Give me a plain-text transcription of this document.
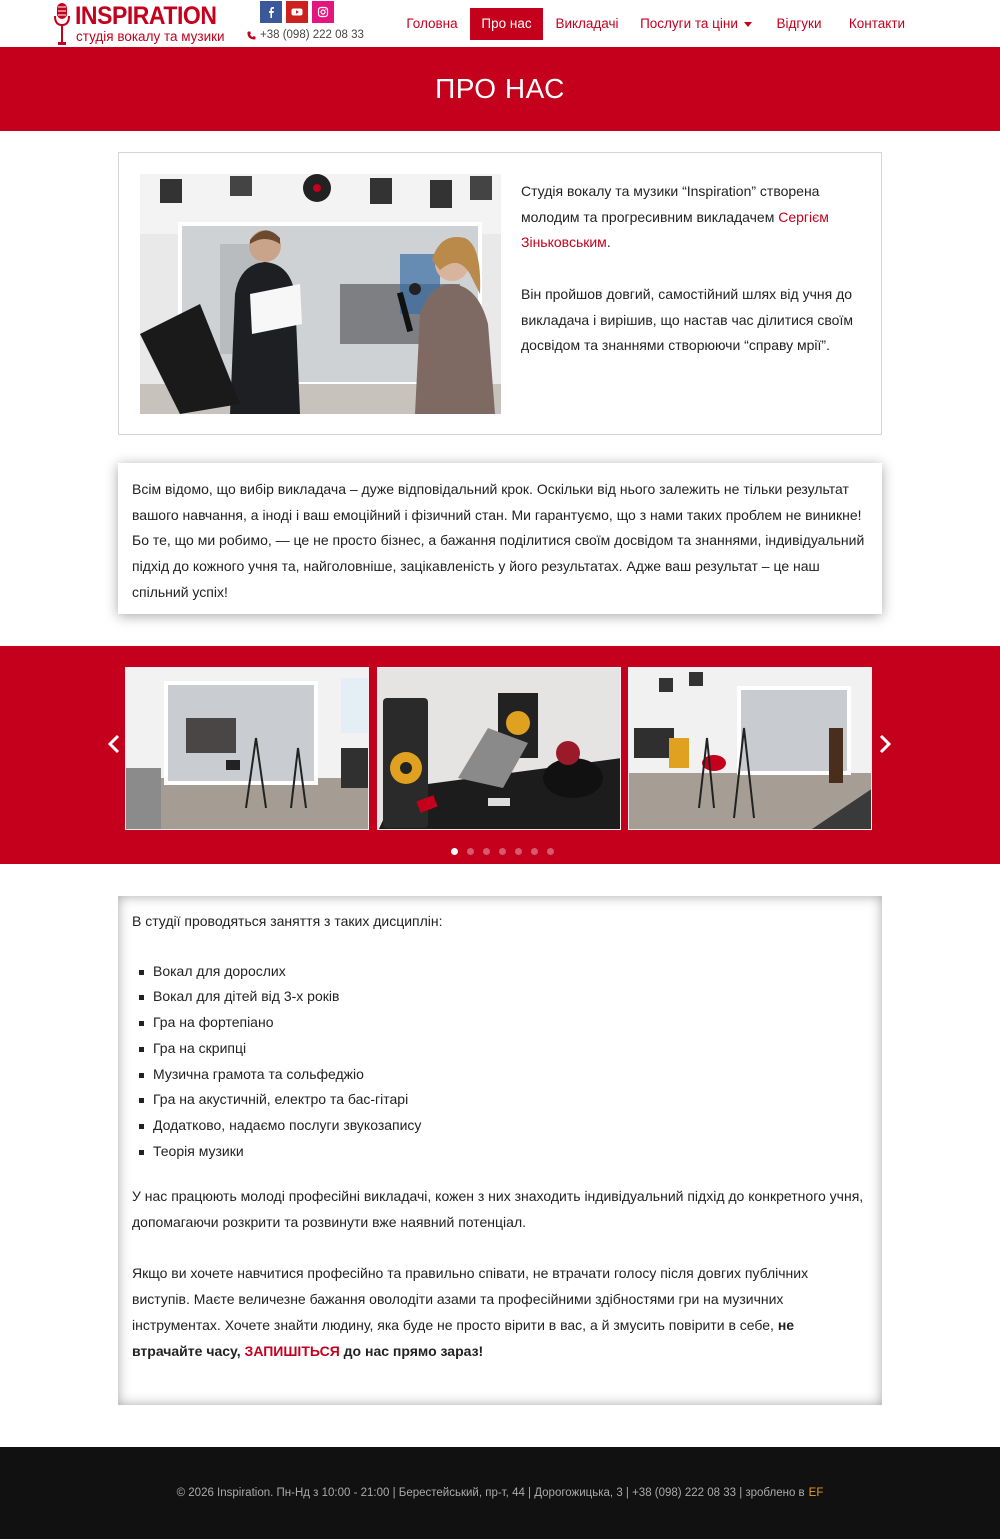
INSPIRATION
студія вокалу та музики	+38 (098) 222 08 33
Головна	Про нас	Викладачі	Послуги та ціни	Відгуки	Контакти
ПРО НАС

Студія вокалу та музики “Inspiration” створена молодим та прогресивним викладачем Сергієм Зіньковським.

Він пройшов довгий, самостійний шлях від учня до викладача і вирішив, що настав час ділитися своїм досвідом та знаннями створюючи “справу мрії”.

Всім відомо, що вибір викладача – дуже відповідальний крок. Оскільки від нього залежить не тільки результат вашого навчання, а іноді і ваш емоційний і фізичний стан. Ми гарантуємо, що з нами таких проблем не виникне! Бо те, що ми робимо, — це не просто бізнес, а бажання поділитися своїм досвідом та знаннями, індивідуальний підхід до кожного учня та, найголовніше, зацікавленість у його результатах. Адже ваш результат – це наш спільний успіх!

В студії проводяться заняття з таких дисциплін:

Вокал для дорослих
Вокал для дітей від 3-х років
Гра на фортепіано
Гра на скрипці
Музична грамота та сольфеджіо
Гра на акустичній, електро та бас-гітарі
Додатково, надаємо послуги звукозапису
Теорія музики

У нас працюють молоді професійні викладачі, кожен з них знаходить індивідуальний підхід до конкретного учня, допомагаючи розкрити та розвинути вже наявний потенціал.

Якщо ви хочете навчитися професійно та правильно співати, не втрачати голосу після довгих публічних виступів. Маєте величезне бажання оволодіти азами та професійними здібностями гри на музичних інструментах. Хочете знайти людину, яка буде не просто вірити в вас, а й змусить повірити в себе, не втрачайте часу, ЗАПИШІТЬСЯ до нас прямо зараз!

© 2026 Inspiration. Пн-Нд з 10:00 - 21:00 | Берестейський, пр-т, 44 | Дорогожицька, 3 | +38 (098) 222 08 33 | зроблено в EF
